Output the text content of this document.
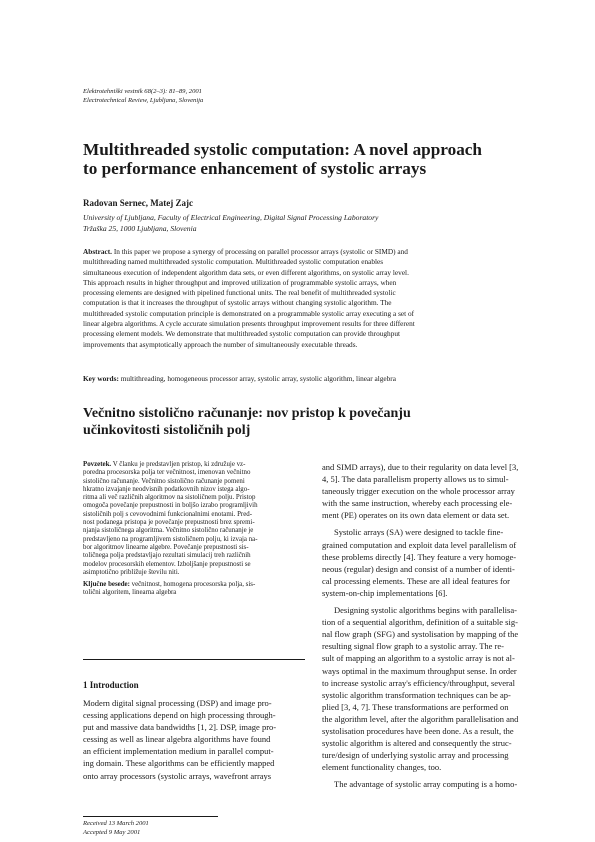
Elektrotehniški vestnik 68(2–3): 81–89, 2001
Electrotechnical Review, Ljubljana, Slovenija
Multithreaded systolic computation: A novel approach
to performance enhancement of systolic arrays
Radovan Sernec, Matej Zajc
University of Ljubljana, Faculty of Electrical Engineering, Digital Signal Processing Laboratory
Tržaška 25, 1000 Ljubljana, Slovenia
Abstract. In this paper we propose a synergy of processing on parallel processor arrays (systolic or SIMD) and
multithreading named multithreaded systolic computation. Multithreaded systolic computation enables
simultaneous execution of independent algorithm data sets, or even different algorithms, on systolic array level.
This approach results in higher throughput and improved utilization of programmable systolic arrays, when
processing elements are designed with pipelined functional units. The real benefit of multithreaded systolic
computation is that it increases the throughput of systolic arrays without changing systolic algorithm. The
multithreaded systolic computation principle is demonstrated on a programmable systolic array executing a set of
linear algebra algorithms. A cycle accurate simulation presents throughput improvement results for three different
processing element models. We demonstrate that multithreaded systolic computation can provide throughput
improvements that asymptotically approach the number of simultaneously executable threads.
Key words: multithreading, homogeneous processor array, systolic array, systolic algorithm, linear algebra
Večnitno sistolično računanje: nov pristop k povečanju
učinkovitosti sistoličnih polj
Povzetek. V članku je predstavljen pristop, ki združuje vz-
poredna procesorska polja ter večnitnost, imenovan večnitno
sistolično računanje. Večnitno sistolično računanje pomeni
hkratno izvajanje neodvisnih podatkovnih nizov istega algo-
ritma ali več različnih algoritmov na sistoličnem polju. Pristop
omogoča povečanje prepustnosti in boljšo izrabo programljivih
sistoličnih polj s cevovodnimi funkcionalnimi enotami. Pred-
nost podanega pristopa je povečanje prepustnosti brez spremi-
njanja sistoličnega algoritma. Večnitno sistolično računanje je
predstavljeno na programljivem sistoličnem polju, ki izvaja na-
bor algoritmov linearne algebre. Povečanje prepustnosti sis-
toličnega polja predstavljajo rezultati simulacij treh različnih
modelov procesorskih elementov. Izboljšanje prepustnosti se
asimptotično približuje številu niti.
Ključne besede: večnitnost, homogena procesorska polja, sis-
tolični algoritem, linearna algebra
1 Introduction
Modern digital signal processing (DSP) and image pro-
cessing applications depend on high processing through-
put and massive data bandwidths [1, 2]. DSP, image pro-
cessing as well as linear algebra algorithms have found
an efficient implementation medium in parallel comput-
ing domain. These algorithms can be efficiently mapped
onto array processors (systolic arrays, wavefront arrays
Received 13 March 2001
Accepted 9 May 2001
and SIMD arrays), due to their regularity on data level [3,
4, 5]. The data parallelism property allows us to simul-
taneously trigger execution on the whole processor array
with the same instruction, whereby each processing ele-
ment (PE) operates on its own data element or data set.
Systolic arrays (SA) were designed to tackle fine-
grained computation and exploit data level parallelism of
these problems directly [4]. They feature a very homoge-
neous (regular) design and consist of a number of identi-
cal processing elements. These are all ideal features for
system-on-chip implementations [6].
Designing systolic algorithms begins with parallelisa-
tion of a sequential algorithm, definition of a suitable sig-
nal flow graph (SFG) and systolisation by mapping of the
resulting signal flow graph to a systolic array. The re-
sult of mapping an algorithm to a systolic array is not al-
ways optimal in the maximum throughput sense. In order
to increase systolic array's efficiency/throughput, several
systolic algorithm transformation techniques can be ap-
plied [3, 4, 7]. These transformations are performed on
the algorithm level, after the algorithm parallelisation and
systolisation procedures have been done. As a result, the
systolic algorithm is altered and consequently the struc-
ture/design of underlying systolic array and processing
element functionality changes, too.
The advantage of systolic array computing is a homo-
